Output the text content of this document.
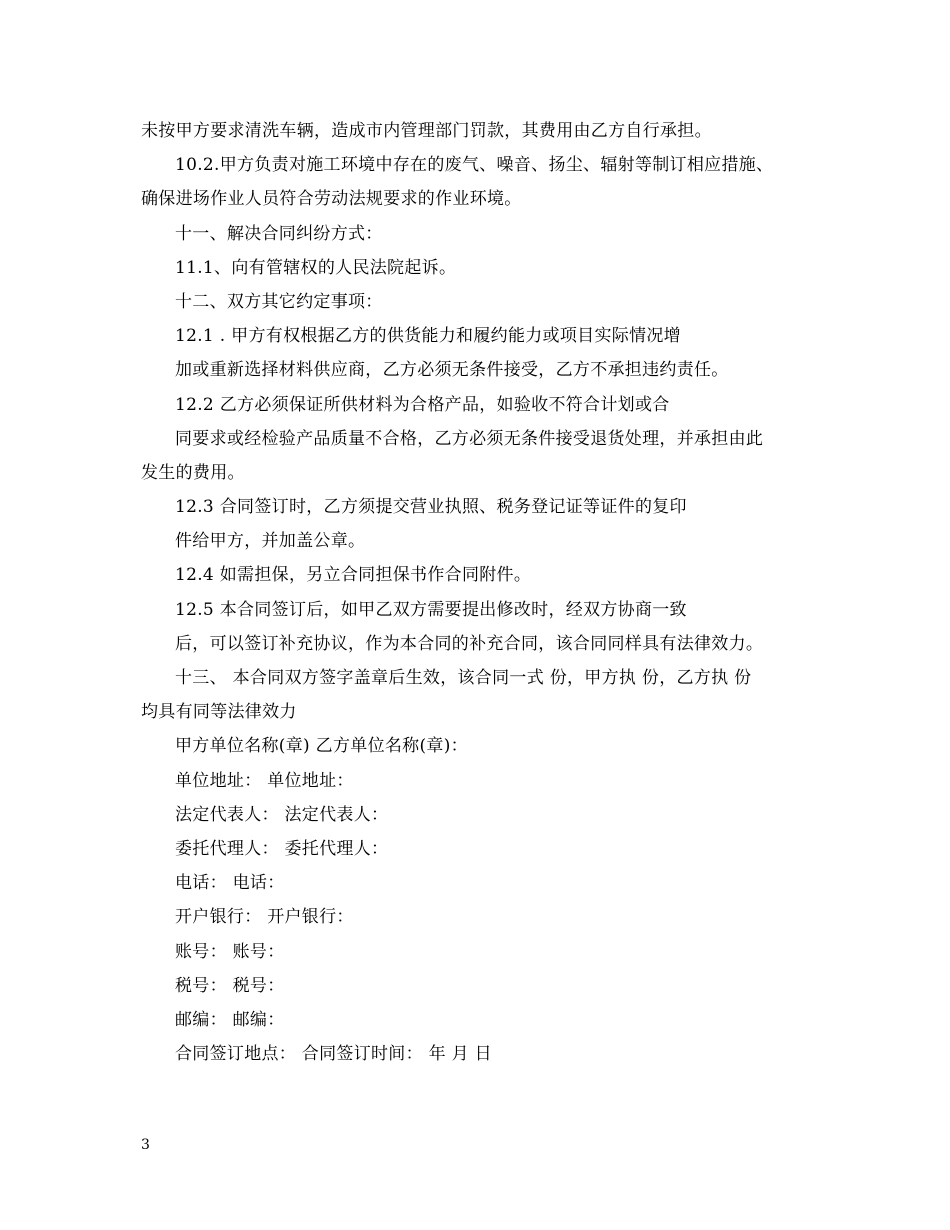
未按甲方要求清洗车辆，造成市内管理部门罚款，其费用由乙方自行承担。
10.2.甲方负责对施工环境中存在的废气、噪音、扬尘、辐射等制订相应措施、
确保进场作业人员符合劳动法规要求的作业环境。
十一、解决合同纠纷方式：
11.1、向有管辖权的人民法院起诉。
十二、双方其它约定事项：
12.1 . 甲方有权根据乙方的供货能力和履约能力或项目实际情况增
加或重新选择材料供应商，乙方必须无条件接受，乙方不承担违约责任。
12.2 乙方必须保证所供材料为合格产品，如验收不符合计划或合
同要求或经检验产品质量不合格，乙方必须无条件接受退货处理，并承担由此
发生的费用。
12.3 合同签订时，乙方须提交营业执照、税务登记证等证件的复印
件给甲方，并加盖公章。
12.4 如需担保，另立合同担保书作合同附件。
12.5 本合同签订后，如甲乙双方需要提出修改时，经双方协商一致
后，可以签订补充协议，作为本合同的补充合同，该合同同样具有法律效力。
十三、 本合同双方签字盖章后生效，该合同一式 份，甲方执 份，乙方执 份
均具有同等法律效力
甲方单位名称(章) 乙方单位名称(章)：
单位地址： 单位地址：
法定代表人： 法定代表人：
委托代理人： 委托代理人：
电话： 电话：
开户银行： 开户银行：
账号： 账号：
税号： 税号：
邮编： 邮编：
合同签订地点： 合同签订时间： 年 月 日
3
